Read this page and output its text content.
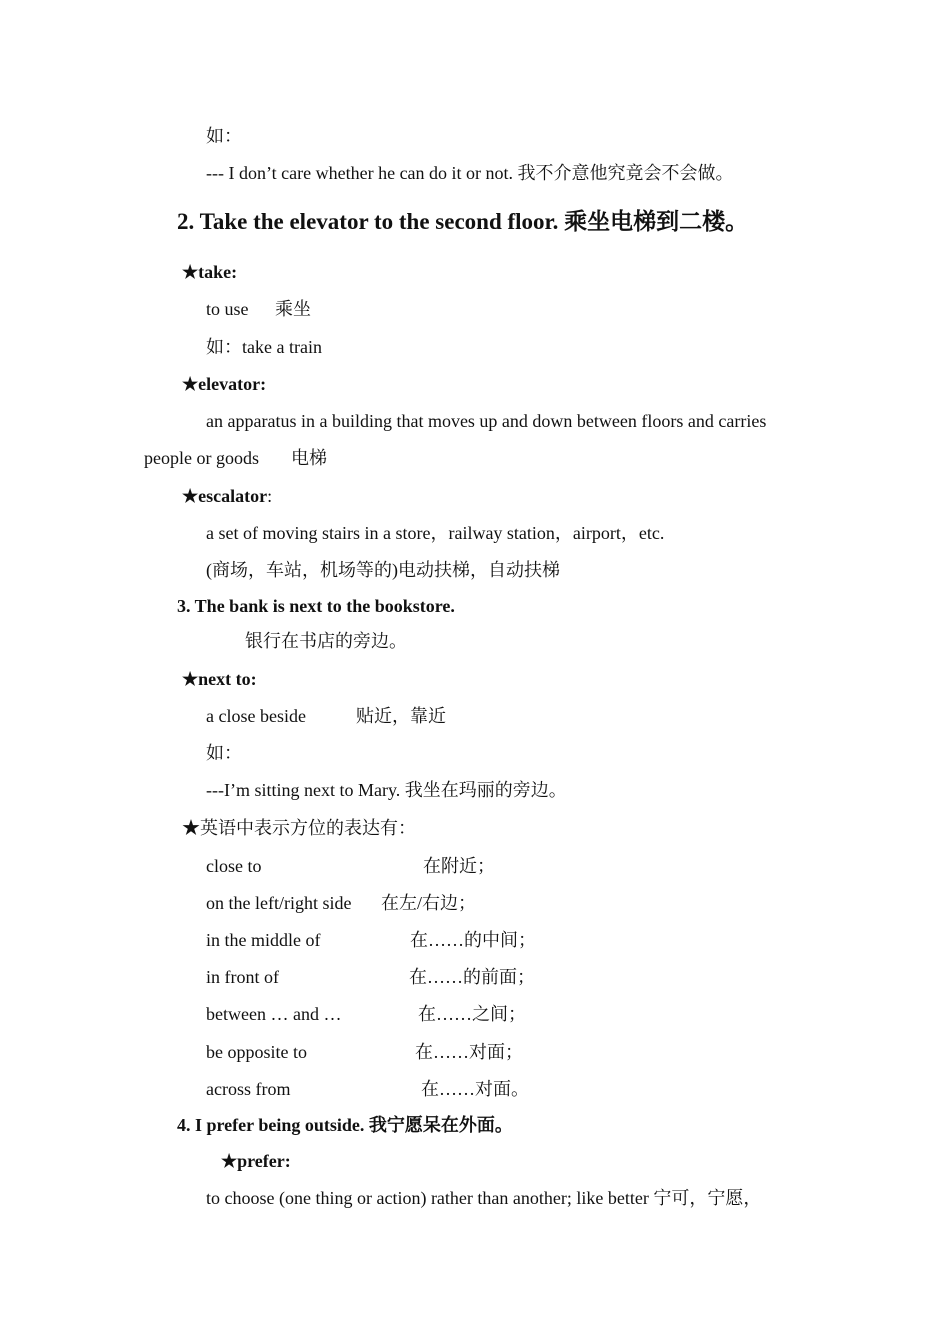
如：
--- I don’t care whether he can do it or not. 我不介意他究竟会不会做。
2. Take the elevator to the second floor. 乘坐电梯到二楼。
★take:
to use 乘坐
如：take a train
★elevator:
an apparatus in a building that moves up and down between floors and carries
people or goods 电梯
★escalator:
a set of moving stairs in a store，railway station，airport，etc.
(商场，车站，机场等的)电动扶梯，自动扶梯
3. The bank is next to the bookstore.
银行在书店的旁边。
★next to:
a close beside	贴近，靠近
如：
---I’m sitting next to Mary. 我坐在玛丽的旁边。
★英语中表示方位的表达有：
close to	在附近；
on the left/right side 在左/右边；
in the middle of	在……的中间；
in front of	在……的前面；
between … and …	在……之间；
be opposite to	在……对面；
across from	在……对面。
4. I prefer being outside. 我宁愿呆在外面。
★prefer:
to choose (one thing or action) rather than another; like better 宁可，宁愿，
